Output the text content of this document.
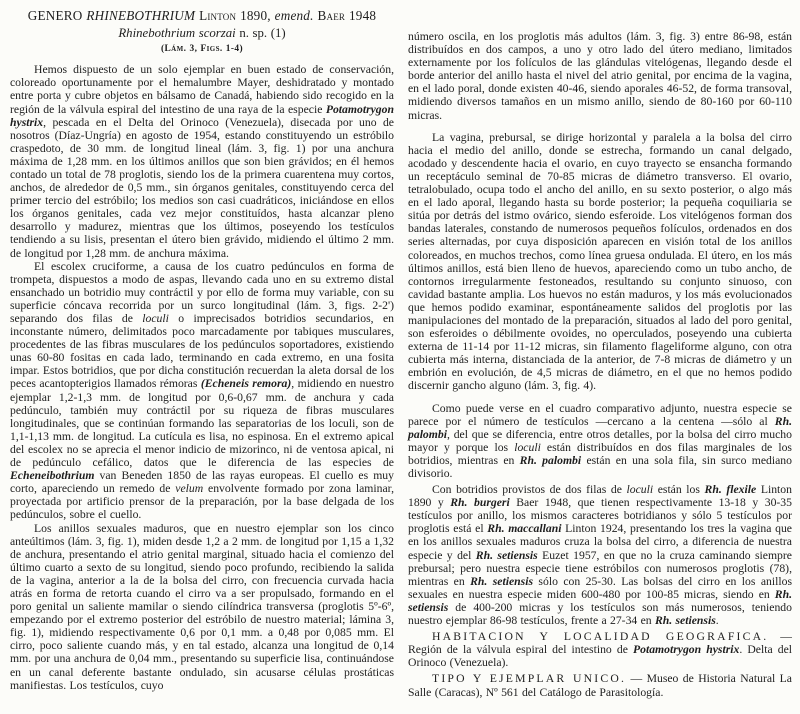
GENERO RHINEBOTHRIUM Linton 1890, emend. Baer 1948
Rhinebothrium scorzai n. sp. (1)
(Lám. 3, Figs. 1-4)

Hemos dispuesto de un solo ejemplar en buen estado de conservación, coloreado oportunamente por el hemalumbre Mayer, deshidratado y montado entre porta y cubre objetos en bálsamo de Canadá, habiendo sido recogido en la región de la válvula espiral del intestino de una raya de la especie Potamotrygon hystrix, pescada en el Delta del Orinoco (Venezuela), disecada por uno de nosotros (Díaz-Ungría) en agosto de 1954, estando constituyendo un estróbilo craspedoto, de 30 mm. de longitud lineal (lám. 3, fig. 1) por una anchura máxima de 1,28 mm. en los últimos anillos que son bien grávidos; en él hemos contado un total de 78 proglotis, siendo los de la primera cuarentena muy cortos, anchos, de alrededor de 0,5 mm., sin órganos genitales, constituyendo cerca del primer tercio del estróbilo; los medios son casi cuadráticos, iniciándose en ellos los órganos genitales, cada vez mejor constituídos, hasta alcanzar pleno desarrollo y madurez, mientras que los últimos, poseyendo los testículos tendiendo a su lisis, presentan el útero bien grávido, midiendo el último 2 mm. de longitud por 1,28 mm. de anchura máxima.

El escolex cruciforme, a causa de los cuatro pedúnculos en forma de trompeta, dispuestos a modo de aspas, llevando cada uno en su extremo distal ensanchado un botridio muy contráctil y por ello de forma muy variable, con su superficie cóncava recorrida por un surco longitudinal (lám. 3, figs. 2-2') separando dos filas de loculi o imprecisados botridios secundarios, en inconstante número, delimitados poco marcadamente por tabiques musculares, procedentes de las fibras musculares de los pedúnculos soportadores, existiendo unas 60-80 fositas en cada lado, terminando en cada extremo, en una fosita impar. Estos botridios, que por dicha constitución recuerdan la aleta dorsal de los peces acantopterigios llamados rémoras (Echeneis remora), midiendo en nuestro ejemplar 1,2-1,3 mm. de longitud por 0,6-0,67 mm. de anchura y cada pedúnculo, también muy contráctil por su riqueza de fibras musculares longitudinales, que se continúan formando las separatorias de los loculi, son de 1,1-1,13 mm. de longitud. La cutícula es lisa, no espinosa. En el extremo apical del escolex no se aprecia el menor indicio de mizorinco, ni de ventosa apical, ni de pedúnculo cefálico, datos que le diferencia de las especies de Echeneibothrium van Beneden 1850 de las rayas europeas. El cuello es muy corto, apareciendo un remedo de velum envolvente formado por zona laminar, proyectada por artificio prensor de la preparación, por la base delgada de los pedúnculos, sobre el cuello.

Los anillos sexuales maduros, que en nuestro ejemplar son los cinco anteúltimos (lám. 3, fig. 1), miden desde 1,2 a 2 mm. de longitud por 1,15 a 1,32 de anchura, presentando el atrio genital marginal, situado hacia el comienzo del último cuarto a sexto de su longitud, siendo poco profundo, recibiendo la salida de la vagina, anterior a la de la bolsa del cirro, con frecuencia curvada hacia atrás en forma de retorta cuando el cirro va a ser propulsado, formando en el poro genital un saliente mamilar o siendo cilíndrica transversa (proglotis 5º-6º, empezando por el extremo posterior del estróbilo de nuestro material; lámina 3, fig. 1), midiendo respectivamente 0,6 por 0,1 mm. a 0,48 por 0,085 mm. El cirro, poco saliente cuando más, y en tal estado, alcanza una longitud de 0,14 mm. por una anchura de 0,04 mm., presentando su superficie lisa, continuándose en un canal deferente bastante ondulado, sin acusarse células prostáticas manifiestas. Los testículos, cuyo

número oscila, en los proglotis más adultos (lám. 3, fig. 3) entre 86-98, están distribuídos en dos campos, a uno y otro lado del útero mediano, limitados externamente por los folículos de las glándulas vitelógenas, llegando desde el borde anterior del anillo hasta el nivel del atrio genital, por encima de la vagina, en el lado poral, donde existen 40-46, siendo aporales 46-52, de forma transoval, midiendo diversos tamaños en un mismo anillo, siendo de 80-160 por 60-110 micras.

La vagina, prebursal, se dirige horizontal y paralela a la bolsa del cirro hacia el medio del anillo, donde se estrecha, formando un canal delgado, acodado y descendente hacia el ovario, en cuyo trayecto se ensancha formando un receptáculo seminal de 70-85 micras de diámetro transverso. El ovario, tetralobulado, ocupa todo el ancho del anillo, en su sexto posterior, o algo más en el lado aporal, llegando hasta su borde posterior; la pequeña coquiliaria se sitúa por detrás del istmo ovárico, siendo esferoide. Los vitelógenos forman dos bandas laterales, constando de numerosos pequeños folículos, ordenados en dos series alternadas, por cuya disposición aparecen en visión total de los anillos coloreados, en muchos trechos, como línea gruesa ondulada. El útero, en los más últimos anillos, está bien lleno de huevos, apareciendo como un tubo ancho, de contornos irregularmente festoneados, resultando su conjunto sinuoso, con cavidad bastante amplia. Los huevos no están maduros, y los más evolucionados que hemos podido examinar, espontáneamente salidos del proglotis por las manipulaciones del montado de la preparación, situados al lado del poro genital, son esferoides o débilmente ovoides, no operculados, poseyendo una cubierta externa de 11-14 por 11-12 micras, sin filamento flageliforme alguno, con otra cubierta más interna, distanciada de la anterior, de 7-8 micras de diámetro y un embrión en evolución, de 4,5 micras de diámetro, en el que no hemos podido discernir gancho alguno (lám. 3, fig. 4).

Como puede verse en el cuadro comparativo adjunto, nuestra especie se parece por el número de testículos —cercano a la centena —sólo al Rh. palombi, del que se diferencia, entre otros detalles, por la bolsa del cirro mucho mayor y porque los loculi están distribuídos en dos filas marginales de los botridios, mientras en Rh. palombi están en una sola fila, sin surco mediano divisorio.

Con botridios provistos de dos filas de loculi están los Rh. flexile Linton 1890 y Rh. burgeri Baer 1948, que tienen respectivamente 13-18 y 30-35 testículos por anillo, los mismos caracteres botridianos y sólo 5 testículos por proglotis está el Rh. maccallani Linton 1924, presentando los tres la vagina que en los anillos sexuales maduros cruza la bolsa del cirro, a diferencia de nuestra especie y del Rh. setiensis Euzet 1957, en que no la cruza caminando siempre prebursal; pero nuestra especie tiene estróbilos con numerosos proglotis (78), mientras en Rh. setiensis sólo con 25-30. Las bolsas del cirro en los anillos sexuales en nuestra especie miden 600-480 por 100-85 micras, siendo en Rh. setiensis de 400-200 micras y los testículos son más numerosos, teniendo nuestro ejemplar 86-98 testículos, frente a 27-34 en Rh. setiensis.

HABITACION Y LOCALIDAD GEOGRAFICA. — Región de la válvula espiral del intestino de Potamotrygon hystrix. Delta del Orinoco (Venezuela).

TIPO Y EJEMPLAR UNICO. — Museo de Historia Natural La Salle (Caracas), Nº 561 del Catálogo de Parasitología.
